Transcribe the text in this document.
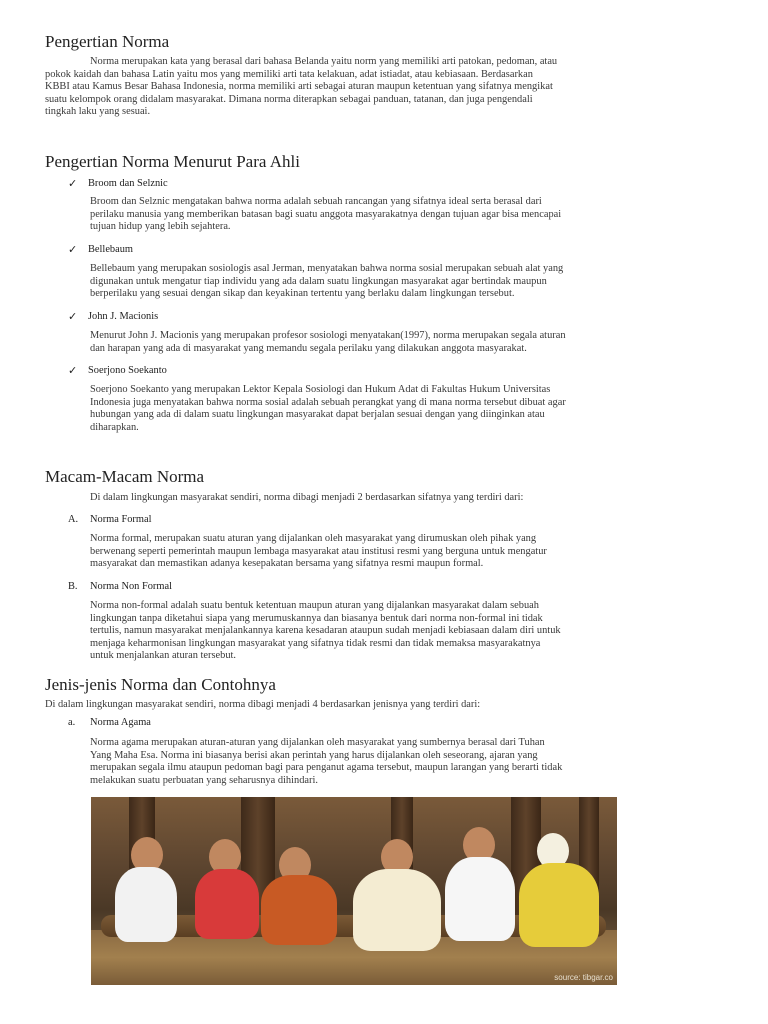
Pengertian Norma
Norma merupakan kata yang berasal dari bahasa Belanda yaitu norm yang memiliki arti patokan, pedoman, atau
pokok kaidah dan bahasa Latin yaitu mos yang memiliki arti tata kelakuan, adat istiadat, atau kebiasaan. Berdasarkan
KBBI atau Kamus Besar Bahasa Indonesia, norma memiliki arti sebagai aturan maupun ketentuan yang sifatnya mengikat
suatu kelompok orang didalam masyarakat. Dimana norma diterapkan sebagai panduan, tatanan, dan juga pengendali
tingkah laku yang sesuai.
Pengertian Norma Menurut Para Ahli
✓	Broom dan Selznic
Broom dan Selznic mengatakan bahwa norma adalah sebuah rancangan yang sifatnya ideal serta berasal dari
perilaku manusia yang memberikan batasan bagi suatu anggota masyarakatnya dengan tujuan agar bisa mencapai
tujuan hidup yang lebih sejahtera.
✓	Bellebaum
Bellebaum yang merupakan sosiologis asal Jerman, menyatakan bahwa norma sosial merupakan sebuah alat yang
digunakan untuk mengatur tiap individu yang ada dalam suatu lingkungan masyarakat agar bertindak maupun
berperilaku yang sesuai dengan sikap dan keyakinan tertentu yang berlaku dalam lingkungan tersebut.
✓	John J. Macionis
Menurut John J. Macionis yang merupakan profesor sosiologi menyatakan(1997), norma merupakan segala aturan
dan harapan yang ada di masyarakat yang memandu segala perilaku yang dilakukan anggota masyarakat.
✓	Soerjono Soekanto
Soerjono Soekanto yang merupakan Lektor Kepala Sosiologi dan Hukum Adat di Fakultas Hukum Universitas
Indonesia juga menyatakan bahwa norma sosial adalah sebuah perangkat yang di mana norma tersebut dibuat agar
hubungan yang ada di dalam suatu lingkungan masyarakat dapat berjalan sesuai dengan yang diinginkan atau
diharapkan.
Macam-Macam Norma
Di dalam lingkungan masyarakat sendiri, norma dibagi menjadi 2 berdasarkan sifatnya yang terdiri dari:
A.	Norma Formal
Norma formal, merupakan suatu aturan yang dijalankan oleh masyarakat yang dirumuskan oleh pihak yang
berwenang seperti pemerintah maupun lembaga masyarakat atau institusi resmi yang berguna untuk mengatur
masyarakat dan memastikan adanya kesepakatan bersama yang sifatnya resmi maupun formal.
B.	Norma Non Formal
Norma non-formal adalah suatu bentuk ketentuan maupun aturan yang dijalankan masyarakat dalam sebuah
lingkungan tanpa diketahui siapa yang merumuskannya dan biasanya bentuk dari norma non-formal ini tidak
tertulis, namun masyarakat menjalankannya karena kesadaran ataupun sudah menjadi kebiasaan dalam diri untuk
menjaga keharmonisan lingkungan masyarakat yang sifatnya tidak resmi dan tidak memaksa masyarakatnya
untuk menjalankan aturan tersebut.
Jenis-jenis Norma dan Contohnya
Di dalam lingkungan masyarakat sendiri, norma dibagi menjadi 4 berdasarkan jenisnya yang terdiri dari:
a.	Norma Agama
Norma agama merupakan aturan-aturan yang dijalankan oleh masyarakat yang sumbernya berasal dari Tuhan
Yang Maha Esa. Norma ini biasanya berisi akan perintah yang harus dijalankan oleh seseorang, ajaran yang
merupakan segala ilmu ataupun pedoman bagi para penganut agama tersebut, maupun larangan yang berarti tidak
melakukan suatu perbuatan yang seharusnya dihindari.
source: tibgar.co
